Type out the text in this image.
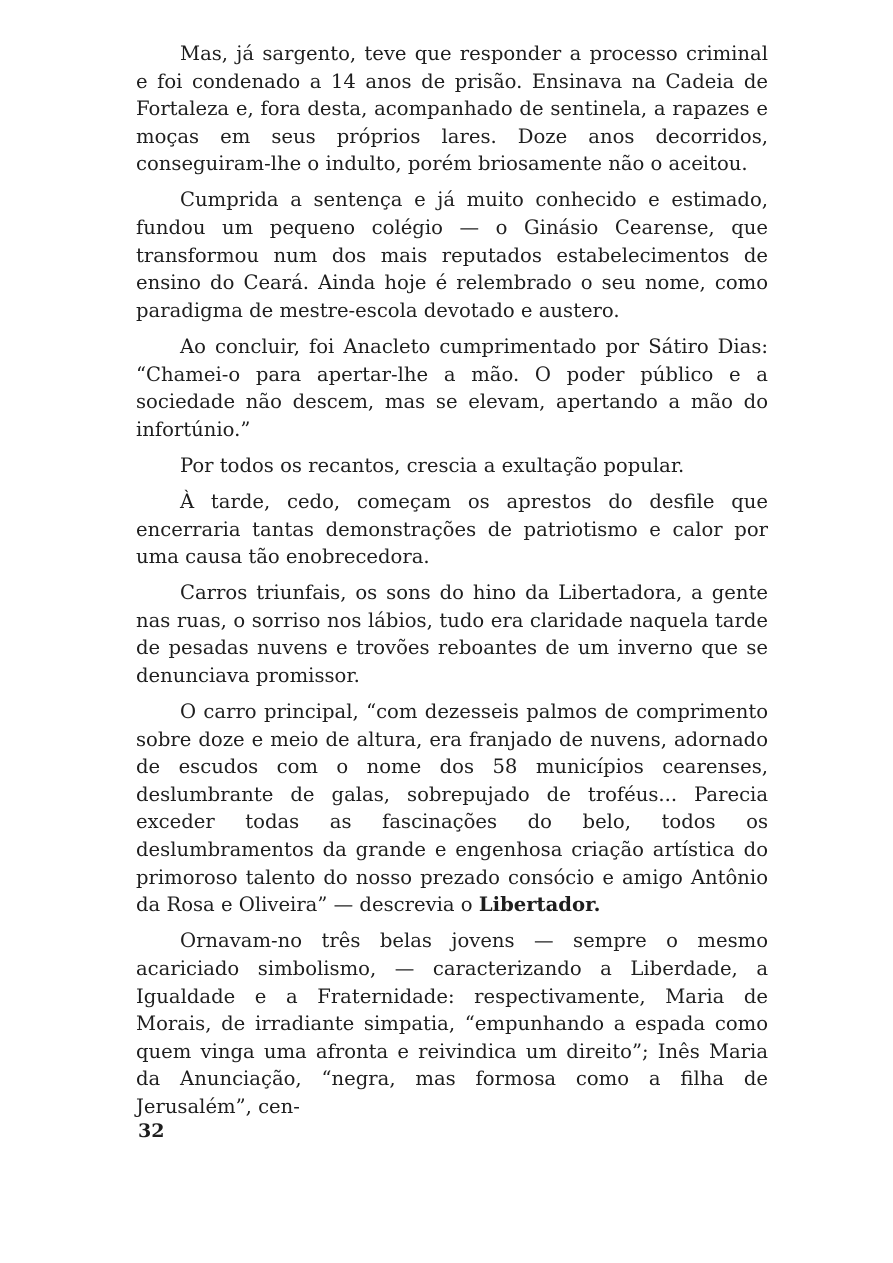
Mas, já sargento, teve que responder a processo criminal e foi condenado a 14 anos de prisão. Ensinava na Cadeia de Fortaleza e, fora desta, acompanhado de sentinela, a rapazes e moças em seus próprios lares. Doze anos decorridos, conseguiram-lhe o indulto, porém briosamente não o aceitou.

Cumprida a sentença e já muito conhecido e estimado, fundou um pequeno colégio — o Ginásio Cearense, que transformou num dos mais reputados estabelecimentos de ensino do Ceará. Ainda hoje é relembrado o seu nome, como paradigma de mestre-escola devotado e austero.

Ao concluir, foi Anacleto cumprimentado por Sátiro Dias: “Chamei-o para apertar-lhe a mão. O poder público e a sociedade não descem, mas se elevam, apertando a mão do infortúnio.”

Por todos os recantos, crescia a exultação popular.

À tarde, cedo, começam os aprestos do desfile que encerraria tantas demonstrações de patriotismo e calor por uma causa tão enobrecedora.

Carros triunfais, os sons do hino da Libertadora, a gente nas ruas, o sorriso nos lábios, tudo era claridade naquela tarde de pesadas nuvens e trovões reboantes de um inverno que se denunciava promissor.

O carro principal, “com dezesseis palmos de comprimento sobre doze e meio de altura, era franjado de nuvens, adornado de escudos com o nome dos 58 municípios cearenses, deslumbrante de galas, sobrepujado de troféus... Parecia exceder todas as fascinações do belo, todos os deslumbramentos da grande e engenhosa criação artística do primoroso talento do nosso prezado consócio e amigo Antônio da Rosa e Oliveira” — descrevia o Libertador.

Ornavam-no três belas jovens — sempre o mesmo acariciado simbolismo, — caracterizando a Liberdade, a Igualdade e a Fraternidade: respectivamente, Maria de Morais, de irradiante simpatia, “empunhando a espada como quem vinga uma afronta e reivindica um direito”; Inês Maria da Anunciação, “negra, mas formosa como a filha de Jerusalém”, cen-

32
